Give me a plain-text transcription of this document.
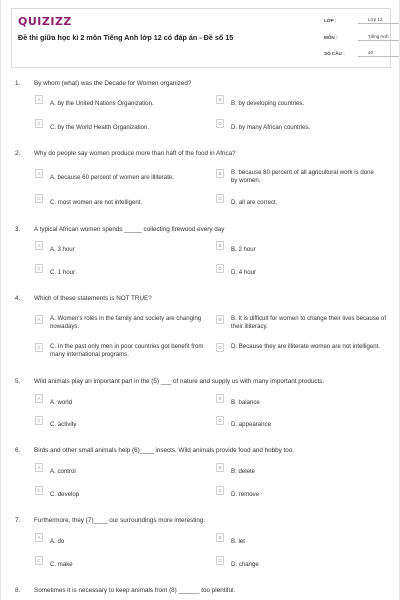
QUIZIZZ
Đề thi giữa học kì 2 môn Tiếng Anh lớp 12 có đáp án - Đề số 15
LỚP :	Lớp 12
MÔN :	Tiếng Anh
SỐ CÂU :	40
1. By whom (what) was the Decade for Women organized?
A
A. by the United Nations Organization.
B
B. by developing countries.
C
C. by the World Health Organization.
D
D. by many African countries.
2. Why do people say women produce more than haft of the food in Africa?
A
A. because 60 percent of women are illiterate.
B	B. because 80 percent of all agricultural work is done by women.
C
C. most women are not intelligent.
D
D. all are correct.
3. A typical African women spends _____ collecting firewood every day
A
A. 3 hour
B
B. 2 hour
C
C. 1 hour
D
D. 4 hour
4. Which of these statements is NOT TRUE?
A	A. Women's roles in the family and society are changing nowadays.
B	B. It is difficult for women to change their lives because of their illiteracy.
C	C. In the past only men in poor countries got benefit from many international programs.
D	D. Because they are illiterate women are not intelligent.
5. Wild animals play an important part in the (5) ___ of nature and supply us with many important products.
A
A. world
B
B. balance
C
C. activity
D
D. appearance
6. Birds and other small animals help (6)____ insects. Wild animals provide food and hobby too.
A
A. control
B
B. delete
C
C. develop
D
D. remove
7. Furthermore, they (7)____ our surroundings more interesting.
A
A. do
B
B. let
C
C. make
D
D. change
8. Sometimes it is necessary to keep animals from (8) ______ too plentiful.
